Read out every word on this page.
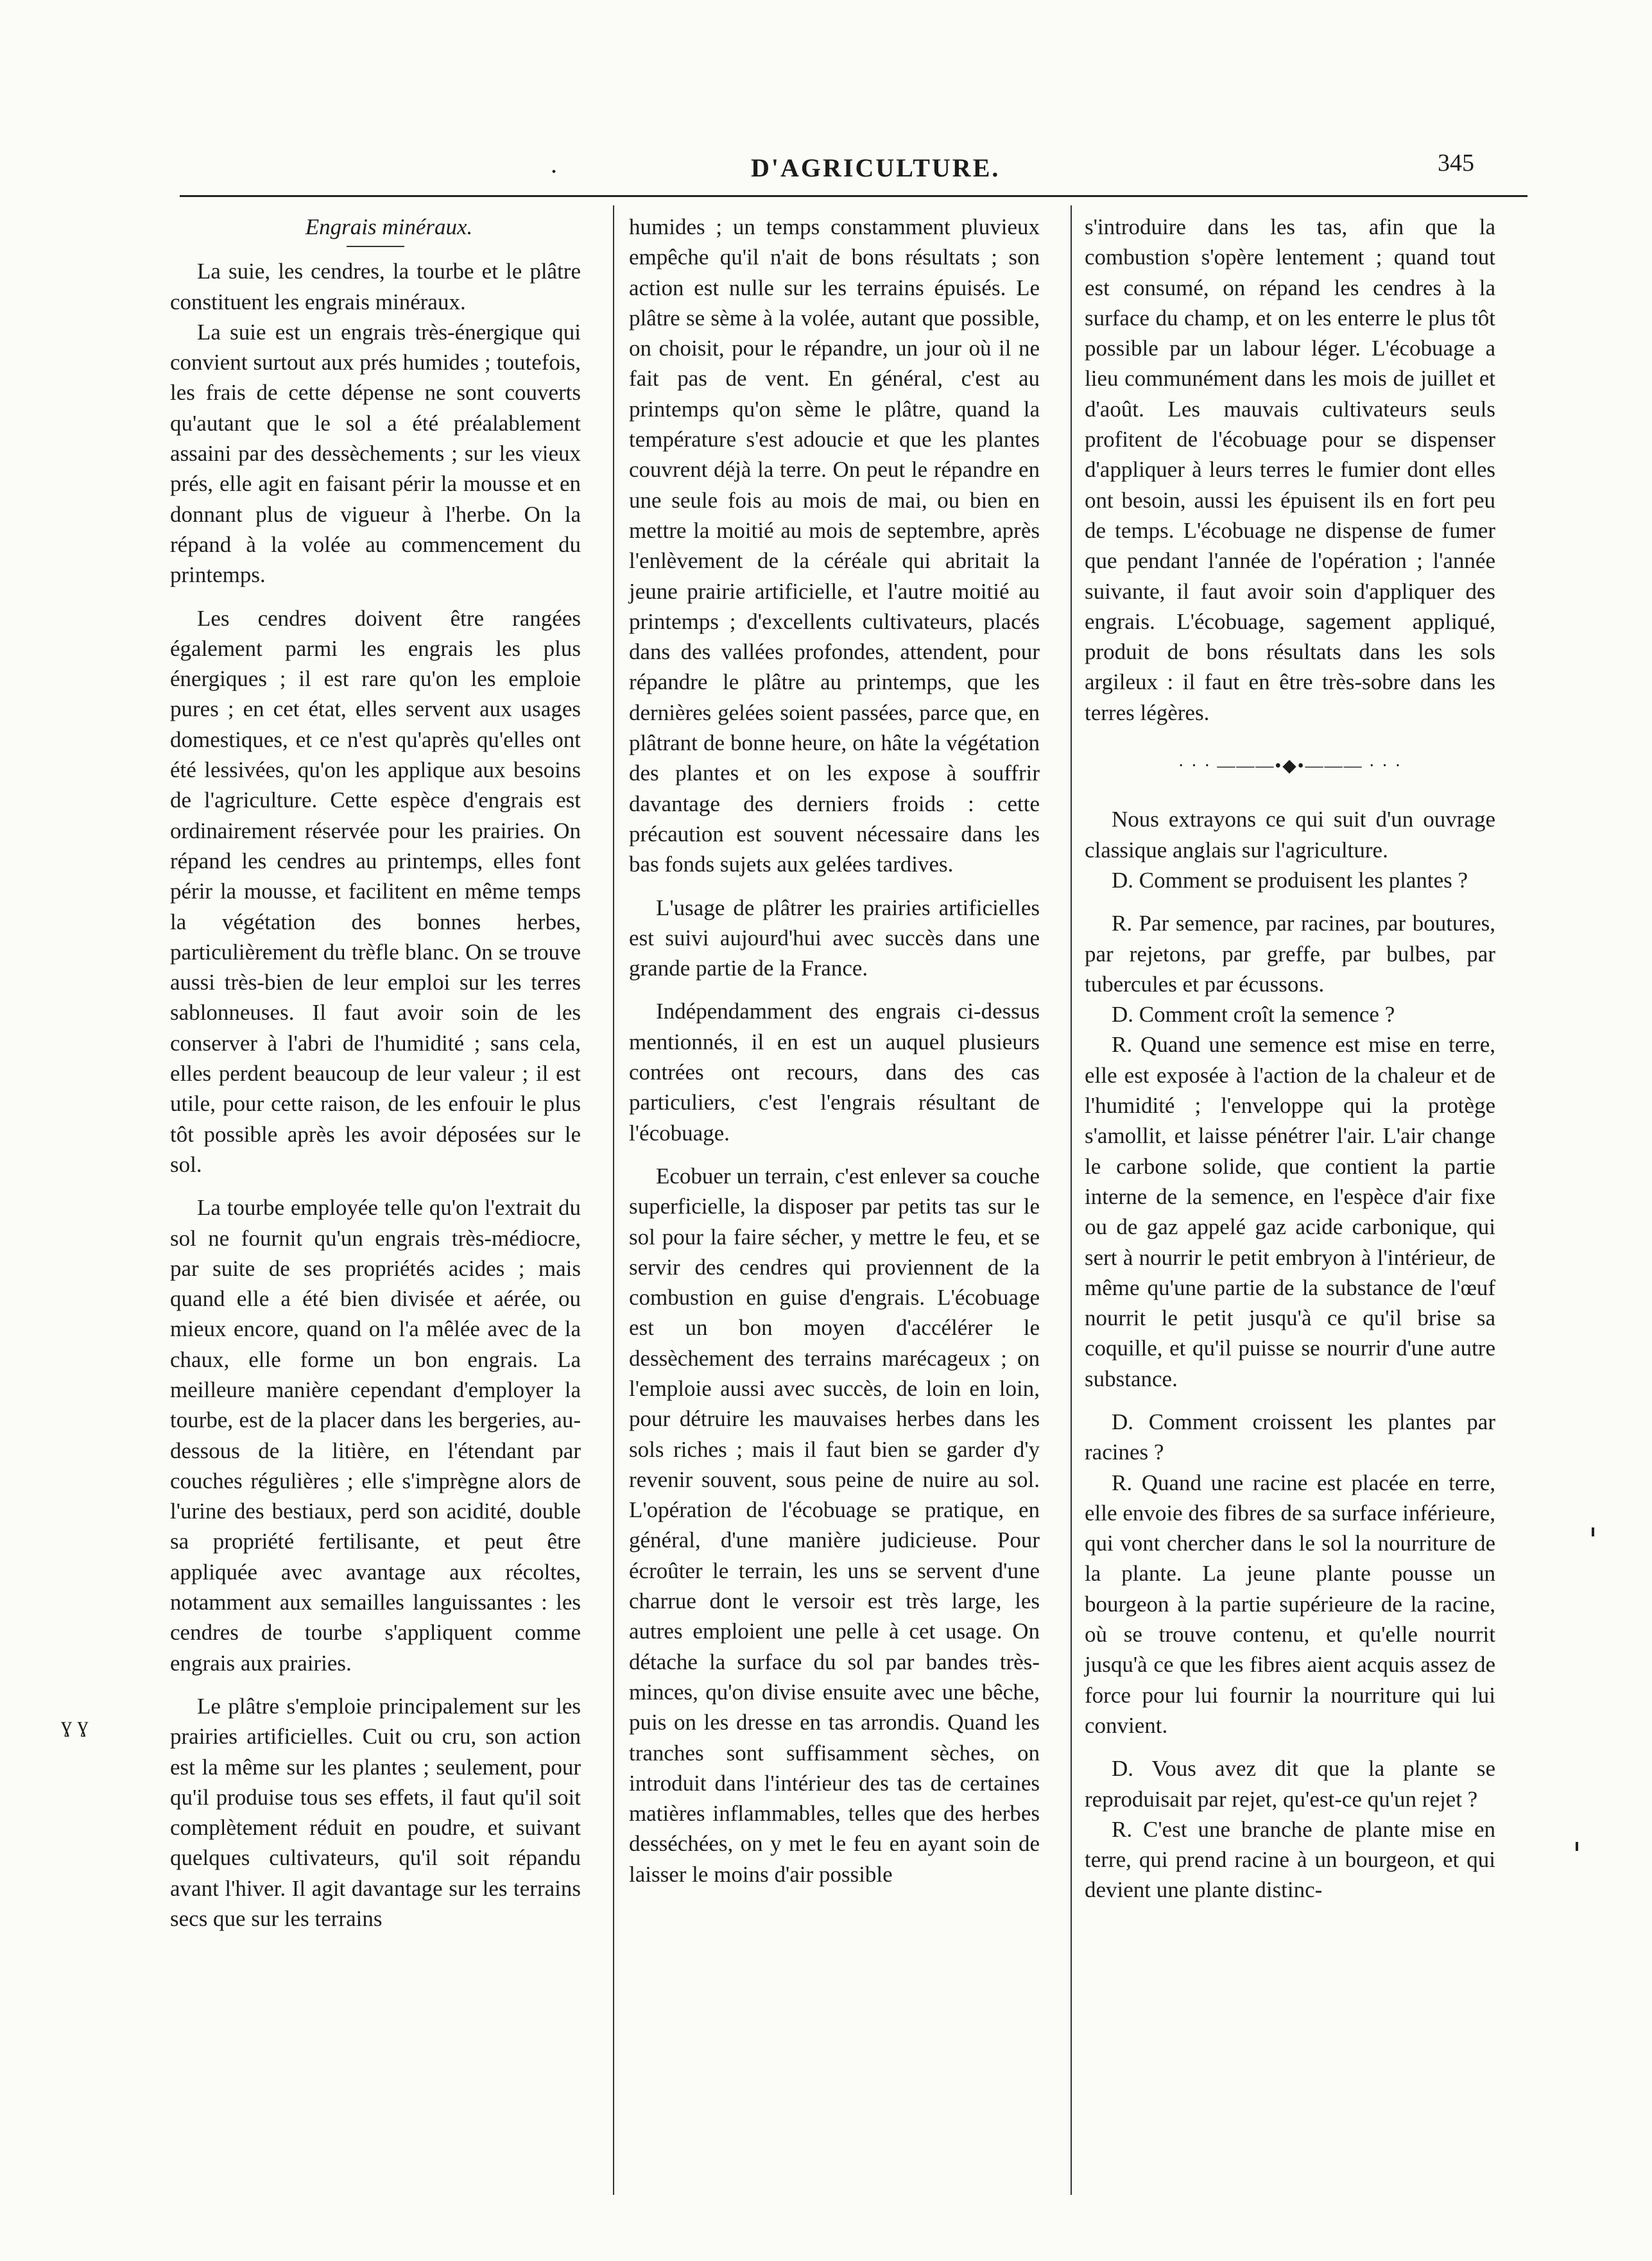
.	D'AGRICULTURE.	345
ɣ ɣ

Engrais minéraux.

La suie, les cendres, la tourbe et le plâtre constituent les engrais minéraux.

La suie est un engrais très-énergique qui convient surtout aux prés humides ; toutefois, les frais de cette dépense ne sont couverts qu'autant que le sol a été préalablement assaini par des dessèchements ; sur les vieux prés, elle agit en faisant périr la mousse et en donnant plus de vigueur à l'herbe. On la répand à la volée au commencement du printemps.

Les cendres doivent être rangées également parmi les engrais les plus énergiques ; il est rare qu'on les emploie pures ; en cet état, elles servent aux usages domestiques, et ce n'est qu'après qu'elles ont été lessivées, qu'on les applique aux besoins de l'agriculture. Cette espèce d'engrais est ordinairement réservée pour les prairies. On répand les cendres au printemps, elles font périr la mousse, et facilitent en même temps la végétation des bonnes herbes, particulièrement du trèfle blanc. On se trouve aussi très-bien de leur emploi sur les terres sablonneuses. Il faut avoir soin de les conserver à l'abri de l'humidité ; sans cela, elles perdent beaucoup de leur valeur ; il est utile, pour cette raison, de les enfouir le plus tôt possible après les avoir déposées sur le sol.

La tourbe employée telle qu'on l'extrait du sol ne fournit qu'un engrais très-médiocre, par suite de ses propriétés acides ; mais quand elle a été bien divisée et aérée, ou mieux encore, quand on l'a mêlée avec de la chaux, elle forme un bon engrais. La meilleure manière cependant d'employer la tourbe, est de la placer dans les bergeries, au-dessous de la litière, en l'étendant par couches régulières ; elle s'imprègne alors de l'urine des bestiaux, perd son acidité, double sa propriété fertilisante, et peut être appliquée avec avantage aux récoltes, notamment aux semailles languissantes : les cendres de tourbe s'appliquent comme engrais aux prairies.

Le plâtre s'emploie principalement sur les prairies artificielles. Cuit ou cru, son action est la même sur les plantes ; seulement, pour qu'il produise tous ses effets, il faut qu'il soit complètement réduit en poudre, et suivant quelques cultivateurs, qu'il soit répandu avant l'hiver. Il agit davantage sur les terrains secs que sur les terrains

humides ; un temps constamment pluvieux empêche qu'il n'ait de bons résultats ; son action est nulle sur les terrains épuisés. Le plâtre se sème à la volée, autant que possible, on choisit, pour le répandre, un jour où il ne fait pas de vent. En général, c'est au printemps qu'on sème le plâtre, quand la température s'est adoucie et que les plantes couvrent déjà la terre. On peut le répandre en une seule fois au mois de mai, ou bien en mettre la moitié au mois de septembre, après l'enlèvement de la céréale qui abritait la jeune prairie artificielle, et l'autre moitié au printemps ; d'excellents cultivateurs, placés dans des vallées profondes, attendent, pour répandre le plâtre au printemps, que les dernières gelées soient passées, parce que, en plâtrant de bonne heure, on hâte la végétation des plantes et on les expose à souffrir davantage des derniers froids : cette précaution est souvent nécessaire dans les bas fonds sujets aux gelées tardives.

L'usage de plâtrer les prairies artificielles est suivi aujourd'hui avec succès dans une grande partie de la France.

Indépendamment des engrais ci-dessus mentionnés, il en est un auquel plusieurs contrées ont recours, dans des cas particuliers, c'est l'engrais résultant de l'écobuage.

Ecobuer un terrain, c'est enlever sa couche superficielle, la disposer par petits tas sur le sol pour la faire sécher, y mettre le feu, et se servir des cendres qui proviennent de la combustion en guise d'engrais. L'écobuage est un bon moyen d'accélérer le dessèchement des terrains marécageux ; on l'emploie aussi avec succès, de loin en loin, pour détruire les mauvaises herbes dans les sols riches ; mais il faut bien se garder d'y revenir souvent, sous peine de nuire au sol. L'opération de l'écobuage se pratique, en général, d'une manière judicieuse. Pour écroûter le terrain, les uns se servent d'une charrue dont le versoir est très large, les autres emploient une pelle à cet usage. On détache la surface du sol par bandes très-minces, qu'on divise ensuite avec une bêche, puis on les dresse en tas arrondis. Quand les tranches sont suffisamment sèches, on introduit dans l'intérieur des tas de certaines matières inflammables, telles que des herbes desséchées, on y met le feu en ayant soin de laisser le moins d'air possible

s'introduire dans les tas, afin que la combustion s'opère lentement ; quand tout est consumé, on répand les cendres à la surface du champ, et on les enterre le plus tôt possible par un labour léger. L'écobuage a lieu communément dans les mois de juillet et d'août. Les mauvais cultivateurs seuls profitent de l'écobuage pour se dispenser d'appliquer à leurs terres le fumier dont elles ont besoin, aussi les épuisent ils en fort peu de temps. L'écobuage ne dispense de fumer que pendant l'année de l'opération ; l'année suivante, il faut avoir soin d'appliquer des engrais. L'écobuage, sagement appliqué, produit de bons résultats dans les sols argileux : il faut en être très-sobre dans les terres légères.

· · · ———•◆•——— · · ·

Nous extrayons ce qui suit d'un ouvrage classique anglais sur l'agriculture.

D. Comment se produisent les plantes ?

R. Par semence, par racines, par boutures, par rejetons, par greffe, par bulbes, par tubercules et par écussons.

D. Comment croît la semence ?

R. Quand une semence est mise en terre, elle est exposée à l'action de la chaleur et de l'humidité ; l'enveloppe qui la protège s'amollit, et laisse pénétrer l'air. L'air change le carbone solide, que contient la partie interne de la semence, en l'espèce d'air fixe ou de gaz appelé gaz acide carbonique, qui sert à nourrir le petit embryon à l'intérieur, de même qu'une partie de la substance de l'œuf nourrit le petit jusqu'à ce qu'il brise sa coquille, et qu'il puisse se nourrir d'une autre substance.

D. Comment croissent les plantes par racines ?

R. Quand une racine est placée en terre, elle envoie des fibres de sa surface inférieure, qui vont chercher dans le sol la nourriture de la plante. La jeune plante pousse un bourgeon à la partie supérieure de la racine, où se trouve contenu, et qu'elle nourrit jusqu'à ce que les fibres aient acquis assez de force pour lui fournir la nourriture qui lui convient.

D. Vous avez dit que la plante se reproduisait par rejet, qu'est-ce qu'un rejet ?

R. C'est une branche de plante mise en terre, qui prend racine à un bourgeon, et qui devient une plante distinc-
